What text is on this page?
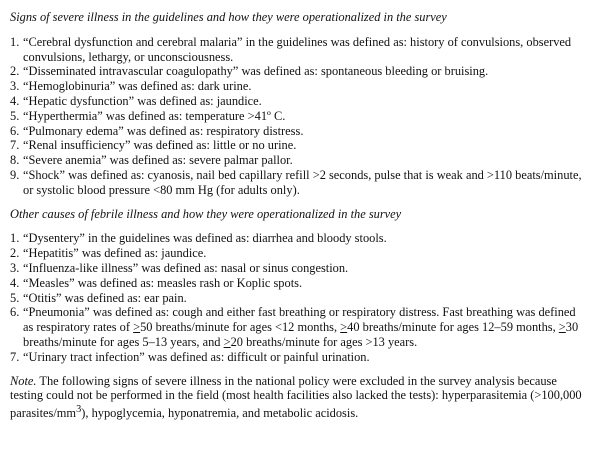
Signs of severe illness in the guidelines and how they were operationalized in the survey
1. “Cerebral dysfunction and cerebral malaria” in the guidelines was defined as: history of convulsions, observed convulsions, lethargy, or unconsciousness.
2. “Disseminated intravascular coagulopathy” was defined as: spontaneous bleeding or bruising.
3. “Hemoglobinuria” was defined as: dark urine.
4. “Hepatic dysfunction” was defined as: jaundice.
5. “Hyperthermia” was defined as: temperature >41º C.
6. “Pulmonary edema” was defined as: respiratory distress.
7. “Renal insufficiency” was defined as: little or no urine.
8. “Severe anemia” was defined as: severe palmar pallor.
9. “Shock” was defined as: cyanosis, nail bed capillary refill >2 seconds, pulse that is weak and >110 beats/minute, or systolic blood pressure <80 mm Hg (for adults only).
Other causes of febrile illness and how they were operationalized in the survey
1. “Dysentery” in the guidelines was defined as: diarrhea and bloody stools.
2. “Hepatitis” was defined as: jaundice.
3. “Influenza-like illness” was defined as: nasal or sinus congestion.
4. “Measles” was defined as: measles rash or Koplic spots.
5. “Otitis” was defined as: ear pain.
6. “Pneumonia” was defined as: cough and either fast breathing or respiratory distress. Fast breathing was defined as respiratory rates of >50 breaths/minute for ages <12 months, >40 breaths/minute for ages 12–59 months, >30 breaths/minute for ages 5–13 years, and >20 breaths/minute for ages >13 years.
7. “Urinary tract infection” was defined as: difficult or painful urination.
Note. The following signs of severe illness in the national policy were excluded in the survey analysis because testing could not be performed in the field (most health facilities also lacked the tests): hyperparasitemia (>100,000 parasites/$mm^3$), hypoglycemia, hyponatremia, and metabolic acidosis.
